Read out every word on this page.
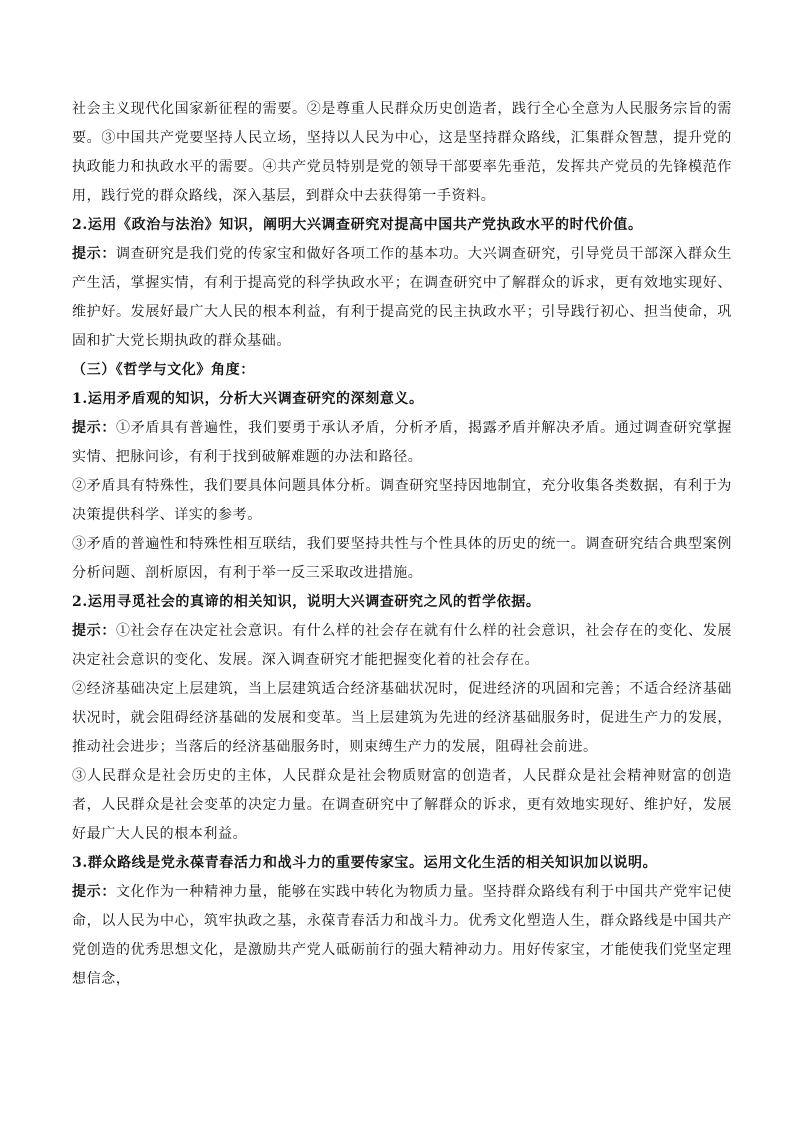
社会主义现代化国家新征程的需要。②是尊重人民群众历史创造者，践行全心全意为人民服务宗旨的需要。③中国共产党要坚持人民立场，坚持以人民为中心，这是坚持群众路线，汇集群众智慧，提升党的执政能力和执政水平的需要。④共产党员特别是党的领导干部要率先垂范，发挥共产党员的先锋模范作用，践行党的群众路线，深入基层，到群众中去获得第一手资料。

2.运用《政治与法治》知识，阐明大兴调查研究对提高中国共产党执政水平的时代价值。

提示：调查研究是我们党的传家宝和做好各项工作的基本功。大兴调查研究，引导党员干部深入群众生产生活，掌握实情，有利于提高党的科学执政水平；在调查研究中了解群众的诉求，更有效地实现好、维护好。发展好最广大人民的根本利益，有利于提高党的民主执政水平；引导践行初心、担当使命，巩固和扩大党长期执政的群众基础。

（三）《哲学与文化》角度：

1.运用矛盾观的知识，分析大兴调查研究的深刻意义。

提示：①矛盾具有普遍性，我们要勇于承认矛盾，分析矛盾，揭露矛盾并解决矛盾。通过调查研究掌握实情、把脉问诊，有利于找到破解难题的办法和路径。

②矛盾具有特殊性，我们要具体问题具体分析。调查研究坚持因地制宜，充分收集各类数据，有利于为决策提供科学、详实的参考。

③矛盾的普遍性和特殊性相互联结，我们要坚持共性与个性具体的历史的统一。调查研究结合典型案例分析问题、剖析原因，有利于举一反三采取改进措施。

2.运用寻觅社会的真谛的相关知识，说明大兴调查研究之风的哲学依据。

提示：①社会存在决定社会意识。有什么样的社会存在就有什么样的社会意识，社会存在的变化、发展决定社会意识的变化、发展。深入调查研究才能把握变化着的社会存在。

②经济基础决定上层建筑，当上层建筑适合经济基础状况时，促进经济的巩固和完善；不适合经济基础状况时，就会阻碍经济基础的发展和变革。当上层建筑为先进的经济基础服务时，促进生产力的发展，推动社会进步；当落后的经济基础服务时，则束缚生产力的发展，阻碍社会前进。

③人民群众是社会历史的主体，人民群众是社会物质财富的创造者，人民群众是社会精神财富的创造者，人民群众是社会变革的决定力量。在调查研究中了解群众的诉求，更有效地实现好、维护好，发展好最广大人民的根本利益。

3.群众路线是党永葆青春活力和战斗力的重要传家宝。运用文化生活的相关知识加以说明。

提示：文化作为一种精神力量，能够在实践中转化为物质力量。坚持群众路线有利于中国共产党牢记使命，以人民为中心，筑牢执政之基，永葆青春活力和战斗力。优秀文化塑造人生，群众路线是中国共产党创造的优秀思想文化，是激励共产党人砥砺前行的强大精神动力。用好传家宝，才能使我们党坚定理想信念，
